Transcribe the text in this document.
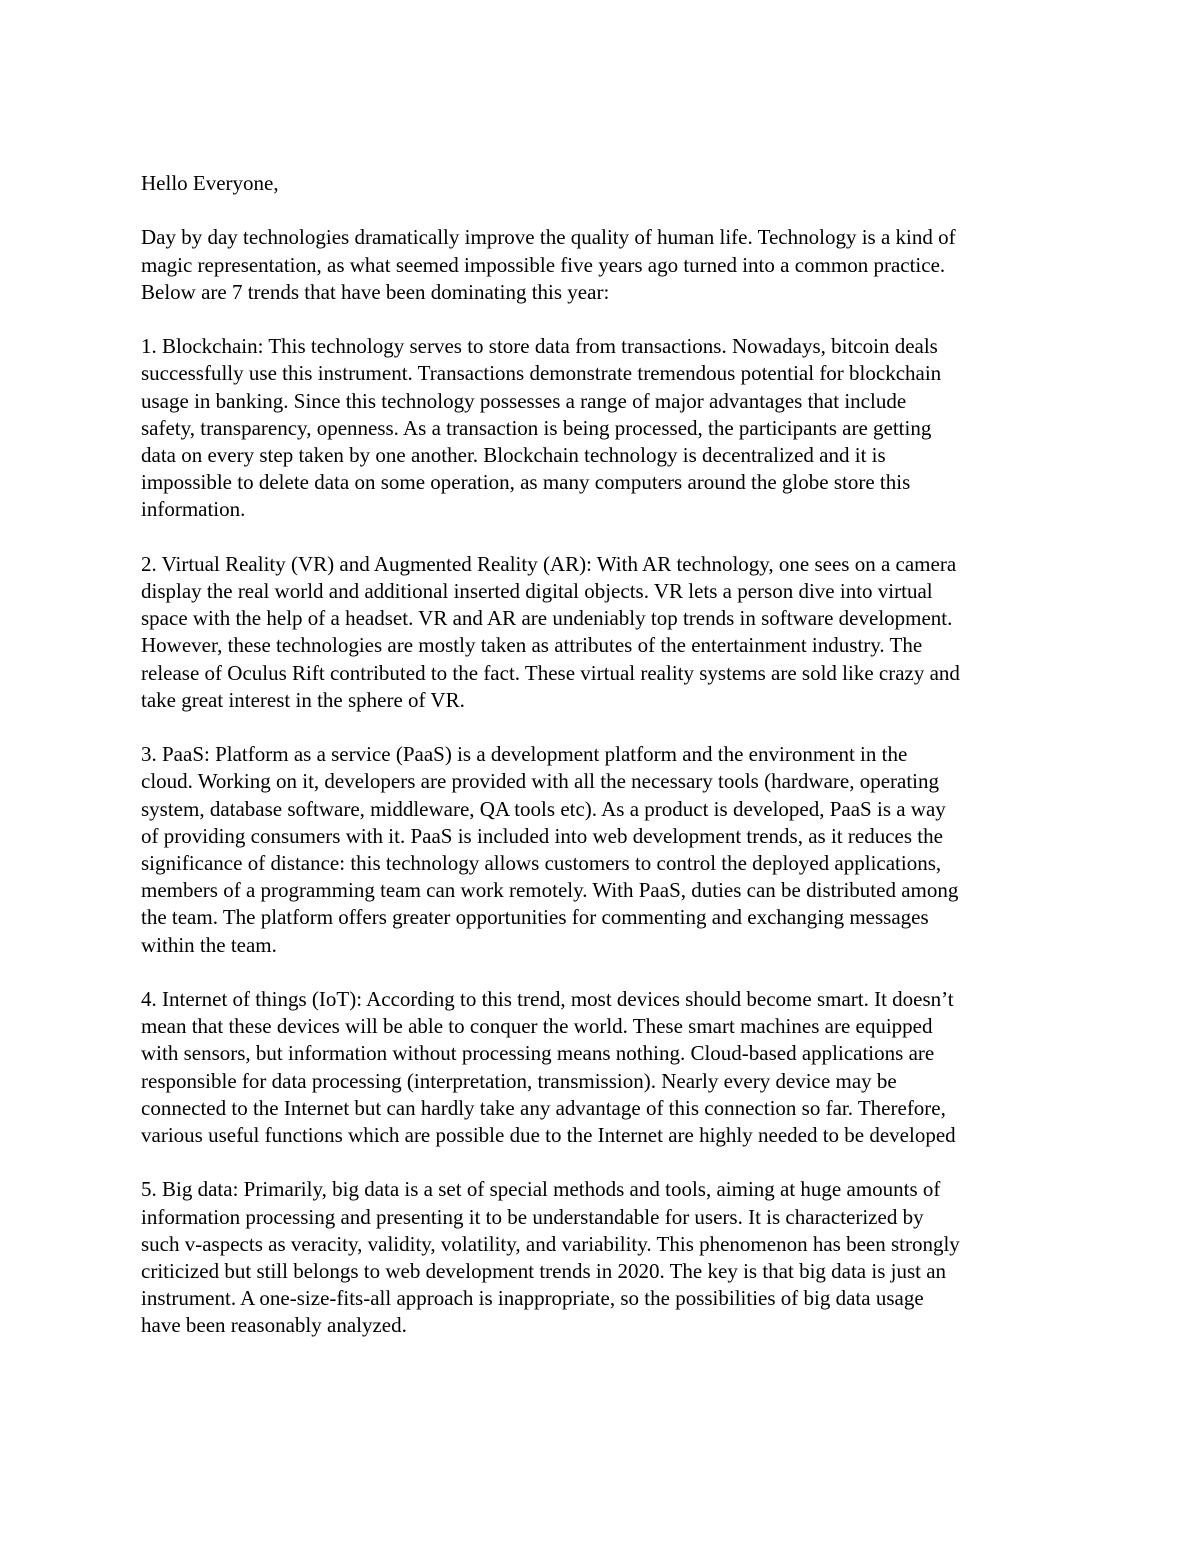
Hello Everyone,

Day by day technologies dramatically improve the quality of human life. Technology is a kind of
magic representation, as what seemed impossible five years ago turned into a common practice.
Below are 7 trends that have been dominating this year:

1. Blockchain: This technology serves to store data from transactions. Nowadays, bitcoin deals
successfully use this instrument. Transactions demonstrate tremendous potential for blockchain
usage in banking. Since this technology possesses a range of major advantages that include
safety, transparency, openness. As a transaction is being processed, the participants are getting
data on every step taken by one another. Blockchain technology is decentralized and it is
impossible to delete data on some operation, as many computers around the globe store this
information.

2. Virtual Reality (VR) and Augmented Reality (AR): With AR technology, one sees on a camera
display the real world and additional inserted digital objects. VR lets a person dive into virtual
space with the help of a headset. VR and AR are undeniably top trends in software development.
However, these technologies are mostly taken as attributes of the entertainment industry. The
release of Oculus Rift contributed to the fact. These virtual reality systems are sold like crazy and
take great interest in the sphere of VR.

3. PaaS: Platform as a service (PaaS) is a development platform and the environment in the
cloud. Working on it, developers are provided with all the necessary tools (hardware, operating
system, database software, middleware, QA tools etc). As a product is developed, PaaS is a way
of providing consumers with it. PaaS is included into web development trends, as it reduces the
significance of distance: this technology allows customers to control the deployed applications,
members of a programming team can work remotely. With PaaS, duties can be distributed among
the team. The platform offers greater opportunities for commenting and exchanging messages
within the team.

4. Internet of things (IoT): According to this trend, most devices should become smart. It doesn’t
mean that these devices will be able to conquer the world. These smart machines are equipped
with sensors, but information without processing means nothing. Cloud-based applications are
responsible for data processing (interpretation, transmission). Nearly every device may be
connected to the Internet but can hardly take any advantage of this connection so far. Therefore,
various useful functions which are possible due to the Internet are highly needed to be developed

5. Big data: Primarily, big data is a set of special methods and tools, aiming at huge amounts of
information processing and presenting it to be understandable for users. It is characterized by
such v-aspects as veracity, validity, volatility, and variability. This phenomenon has been strongly
criticized but still belongs to web development trends in 2020. The key is that big data is just an
instrument. A one-size-fits-all approach is inappropriate, so the possibilities of big data usage
have been reasonably analyzed.
